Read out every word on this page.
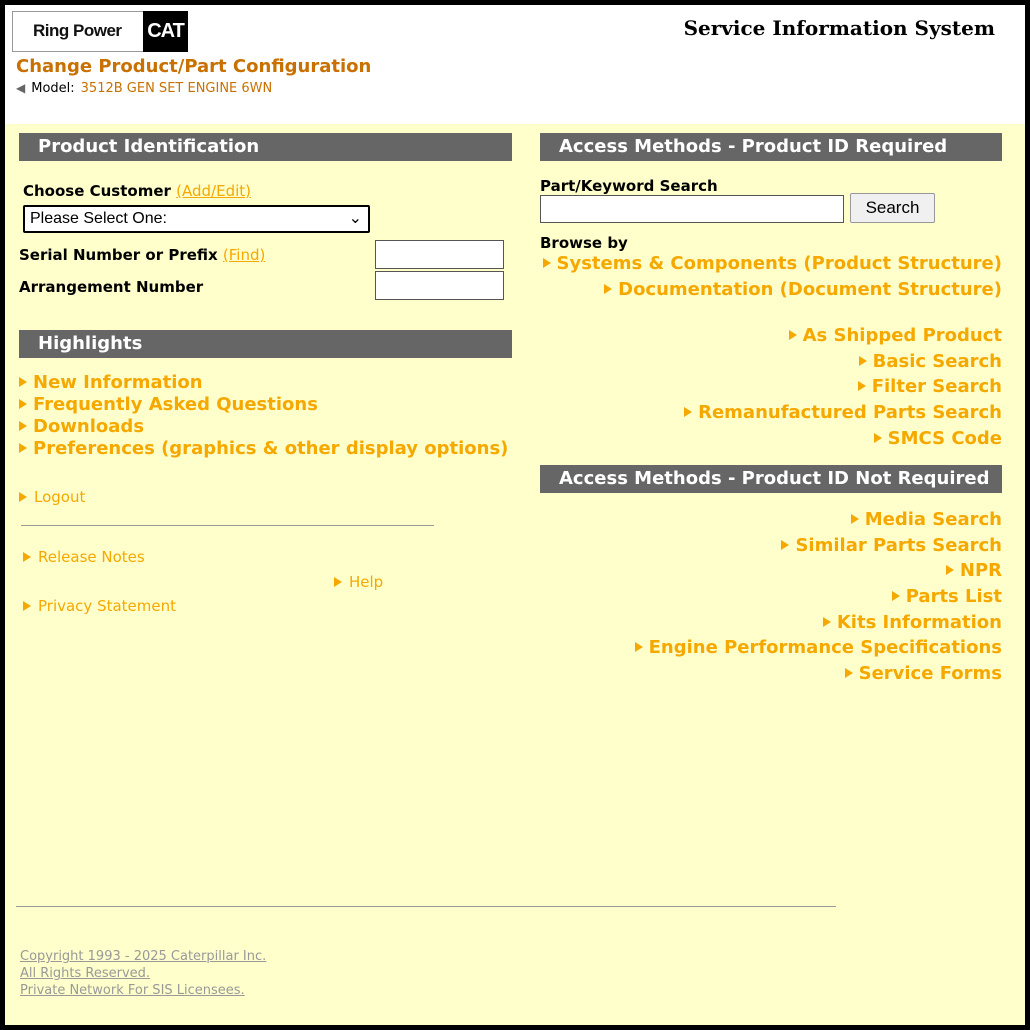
Ring Power CAT	Service Information System
Change Product/Part Configuration
◀ Model: 3512B GEN SET ENGINE 6WN
Product Identification
Choose Customer (Add/Edit)
Please Select One:	⌄
Serial Number or Prefix (Find)
Arrangement Number
Highlights
New Information
Frequently Asked Questions
Downloads
Preferences (graphics & other display options)
Logout
Release Notes
Help
Privacy Statement
Access Methods - Product ID Required
Part/Keyword Search
Search
Browse by
Systems & Components (Product Structure)
Documentation (Document Structure)
As Shipped Product
Basic Search
Filter Search
Remanufactured Parts Search
SMCS Code
Access Methods - Product ID Not Required
Media Search
Similar Parts Search
NPR
Parts List
Kits Information
Engine Performance Specifications
Service Forms
Copyright 1993 - 2025 Caterpillar Inc.
All Rights Reserved.
Private Network For SIS Licensees.
